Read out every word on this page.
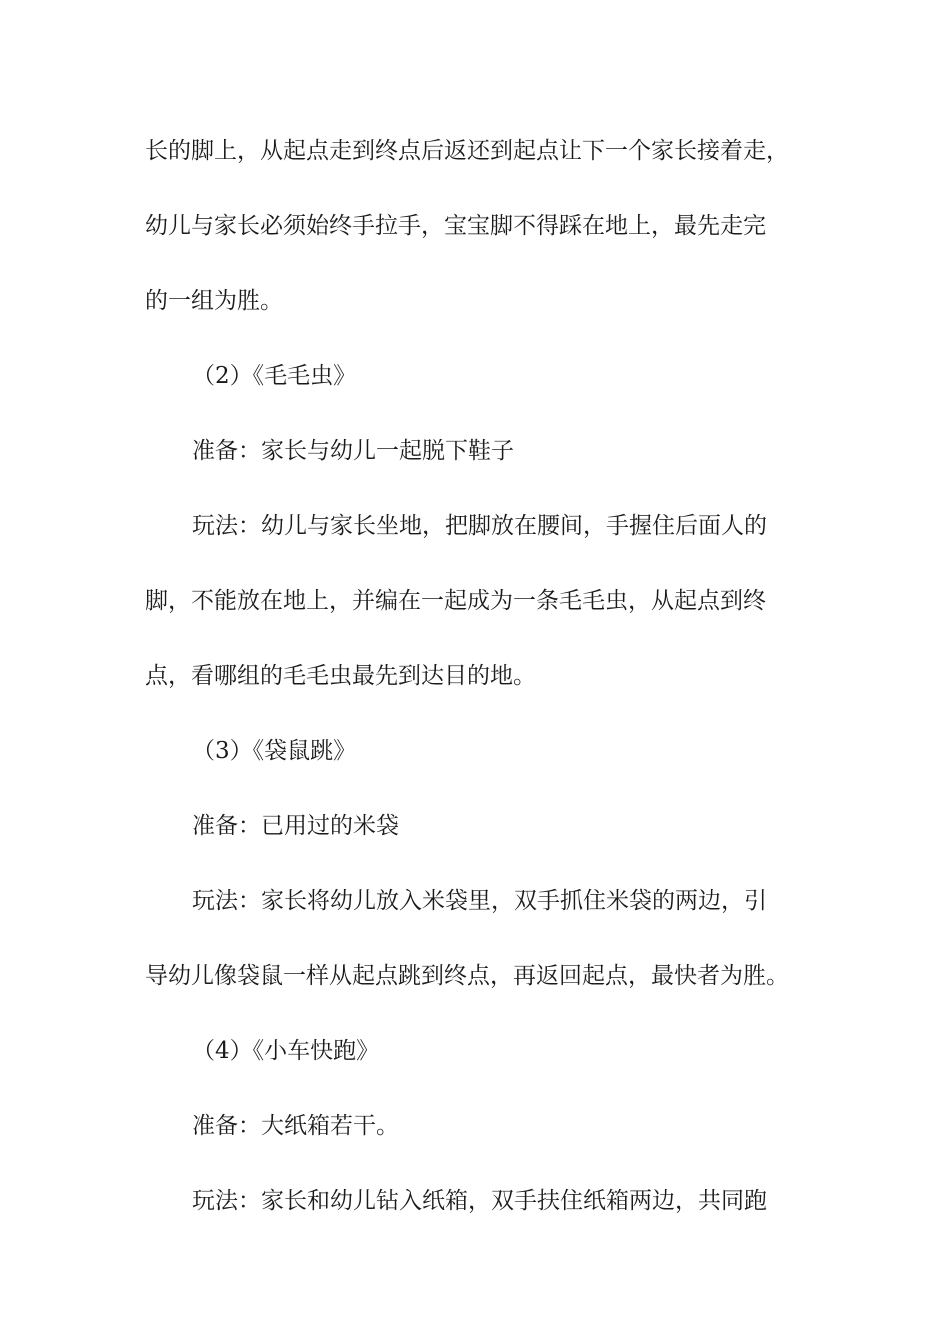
长的脚上，从起点走到终点后返还到起点让下一个家长接着走，

幼儿与家长必须始终手拉手，宝宝脚不得踩在地上，最先走完

的一组为胜。

（2）《毛毛虫》

准备：家长与幼儿一起脱下鞋子

玩法：幼儿与家长坐地，把脚放在腰间，手握住后面人的

脚，不能放在地上，并编在一起成为一条毛毛虫，从起点到终

点，看哪组的毛毛虫最先到达目的地。

（3）《袋鼠跳》

准备：已用过的米袋

玩法：家长将幼儿放入米袋里，双手抓住米袋的两边，引

导幼儿像袋鼠一样从起点跳到终点，再返回起点，最快者为胜。

（4）《小车快跑》

准备：大纸箱若干。

玩法：家长和幼儿钻入纸箱，双手扶住纸箱两边，共同跑
